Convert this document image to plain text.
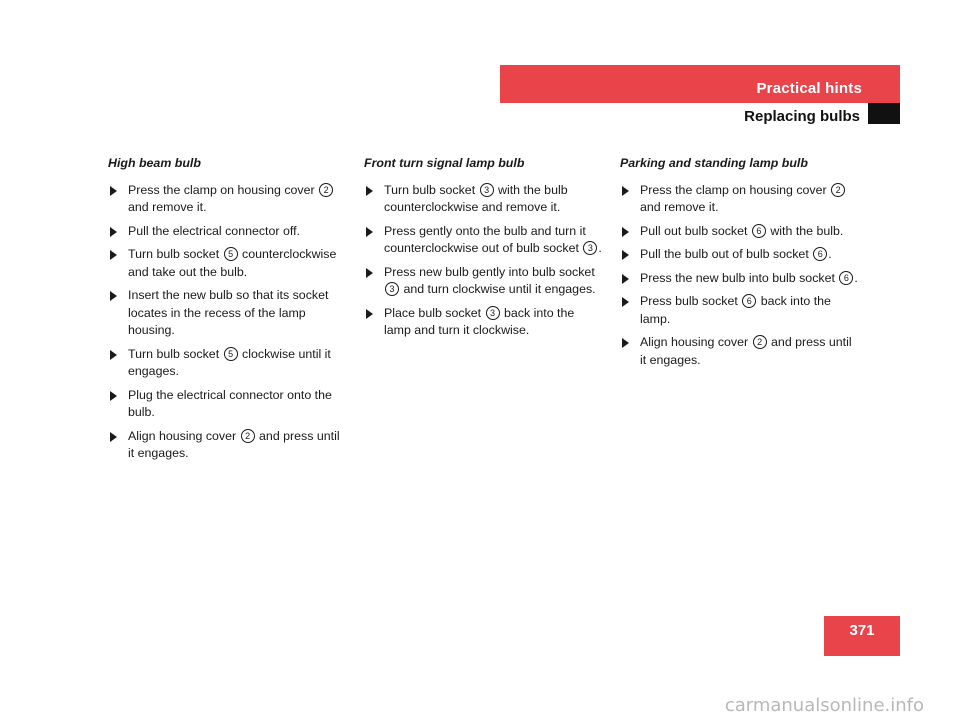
Practical hints
Replacing bulbs
High beam bulb
Press the clamp on housing cover 2 and remove it.
Pull the electrical connector off.
Turn bulb socket 5 counterclockwise and take out the bulb.
Insert the new bulb so that its socket locates in the recess of the lamp housing.
Turn bulb socket 5 clockwise until it engages.
Plug the electrical connector onto the bulb.
Align housing cover 2 and press until it engages.
Front turn signal lamp bulb
Turn bulb socket 3 with the bulb counterclockwise and remove it.
Press gently onto the bulb and turn it counterclockwise out of bulb socket 3 .
Press new bulb gently into bulb socket 3 and turn clockwise until it engages.
Place bulb socket 3 back into the lamp and turn it clockwise.
Parking and standing lamp bulb
Press the clamp on housing cover 2 and remove it.
Pull out bulb socket 6 with the bulb.
Pull the bulb out of bulb socket 6 .
Press the new bulb into bulb socket 6 .
Press bulb socket 6 back into the lamp.
Align housing cover 2 and press until it engages.
371
carmanualsonline.info
